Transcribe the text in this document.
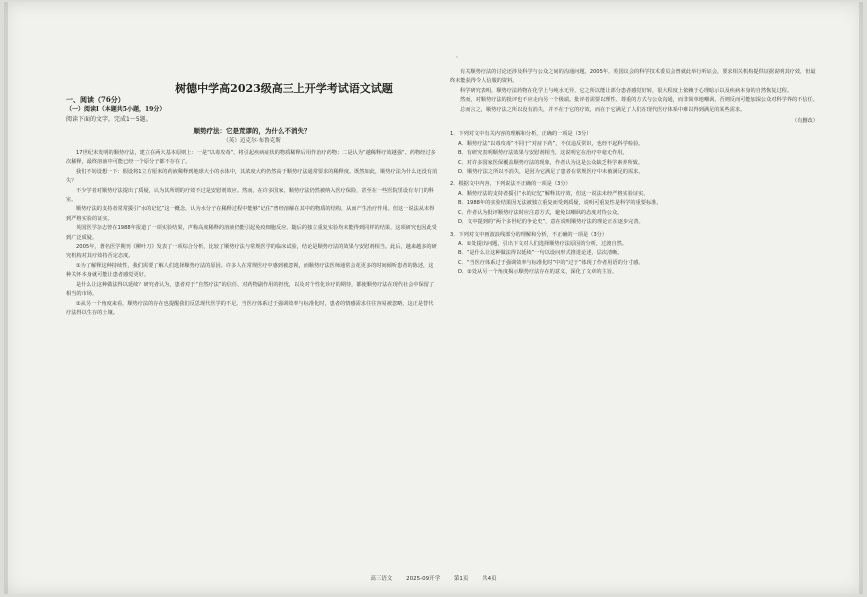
。
树德中学高2023级高三上开学考试语文试题
一、阅读（76分）
（一）阅读Ⅰ（本题共5小题，19分）
阅读下面的文字，完成1～5题。
顺势疗法：它是荒谬的，为什么不消失？
（英）迈克尔·布鲁克斯

17世纪末发明的顺势疗法，建立在两大基本原则上：一是“以毒攻毒”，将引起疾病症状的物质稀释后用作治疗药物；二是认为“越稀释疗效越强”。药物经过多次稀释，最终溶液中可能已经一个原分子都不存在了。

我们不妨设想一下：假设将1立方厘米的药液稀释到地球大小的水体中，其浓度大约仍然高于顺势疗法通常要求的稀释度。既然如此，顺势疗法为什么还没有消失？

不少学者对顺势疗法提出了质疑，认为其所谓的疗效不过是安慰剂效应。然而，在许多国家，顺势疗法仍然被纳入医疗保险，甚至在一些医院里设有专门的科室。

顺势疗法的支持者常常援引“水的记忆”这一概念，认为水分子在稀释过程中能够“记住”曾经溶解在其中的物质的结构，从而产生治疗作用。但这一说法从未得到严格实验的证实。

英国医学杂志曾在1988年报道了一项实验结果，声称高度稀释的溶液仍能引起免疫细胞反应。随后的独立重复实验均未能得到同样的结果，这项研究也因此受到广泛质疑。

2005年，著名医学期刊《柳叶刀》发表了一项综合分析，比较了顺势疗法与常规医学的临床试验，结论是顺势疗法的效果与安慰剂相当。此后，越来越多的研究机构对其疗效持否定态度。

①为了解释这种持续性，我们需要了解人们选择顺势疗法的原因。许多人在常规医疗中感到被忽视，而顺势疗法医师通常会花更多的时间倾听患者的陈述，这种关怀本身就可能让患者感觉更好。

是什么让这种做法得以延续？研究者认为，患者对于“自然疗法”的信任、对药物副作用的担忧，以及对个性化诊疗的期待，都使顺势疗法在现代社会中保留了相当的市场。

②从另一个角度来看，顺势疗法的存在也提醒我们反思现代医学的不足。当医疗体系过于强调效率与标准化时，患者的情感需求往往容易被忽略，这正是替代疗法得以生存的土壤。

有关顺势疗法的讨论还涉及科学与公众之间的沟通问题。2005年，英国议会的科学技术委员会曾就此举行听证会，要求相关机构提供证据说明其疗效，但最终未能获得令人信服的资料。

科学研究表明，顺势疗法药物在化学上与纯水无异，它之所以能让部分患者感觉好转，很大程度上依赖于心理暗示以及疾病本身的自然恢复过程。

然而，对顺势疗法的批评也不应走向另一个极端。批评者需要以理性、尊重的方式与公众沟通，而非简单地嘲讽，否则反而可能加深公众对科学界的不信任。

总而言之，顺势疗法之所以没有消失，并不在于它的疗效，而在于它满足了人们在现代医疗体系中难以得到满足的某些需求。

（有删改）

1．下列对文中有关内容的理解和分析，正确的一项是（3分）

A．顺势疗法“以毒攻毒”不同于“对症下药”，不仅违反常识，也经不起科学检验。

B．有研究表明顺势疗法效果与安慰剂相当，这说明它在治疗中毫无作用。

C．对许多国家医保覆盖顺势疗法的现象，作者认为这是公众缺乏科学素养所致。

D．顺势疗法之所以不消失，是因为它满足了患者在常规医疗中未被满足的需求。

2．根据文中内容，下列说法不正确的一项是（3分）

A．顺势疗法的支持者援引“水的记忆”解释其疗效，但这一说法未经严格实验证实。

B．1988年的实验结果因无法被独立重复而受到质疑，说明可重复性是科学的重要标准。

C．作者认为批评顺势疗法时应注意方式，避免以嘲讽的态度对待公众。

D．文中提到的“两个多世纪的争论史”，意在说明顺势疗法的理论正在逐步完善。

3．下列对文中画波浪线部分的理解和分析，不正确的一项是（3分）

A．①处提出问题，引出下文对人们选择顺势疗法原因的分析，过渡自然。

B．“是什么让这种做法得以延续”一句以设问形式推进论述，层次清晰。

C．“当医疗体系过于强调效率与标准化时”中的“过于”体现了作者用语的分寸感。

D．②处从另一个角度揭示顺势疗法存在的意义，深化了文章的主旨。

高三语文	2025-09开学	第1页	共4页
